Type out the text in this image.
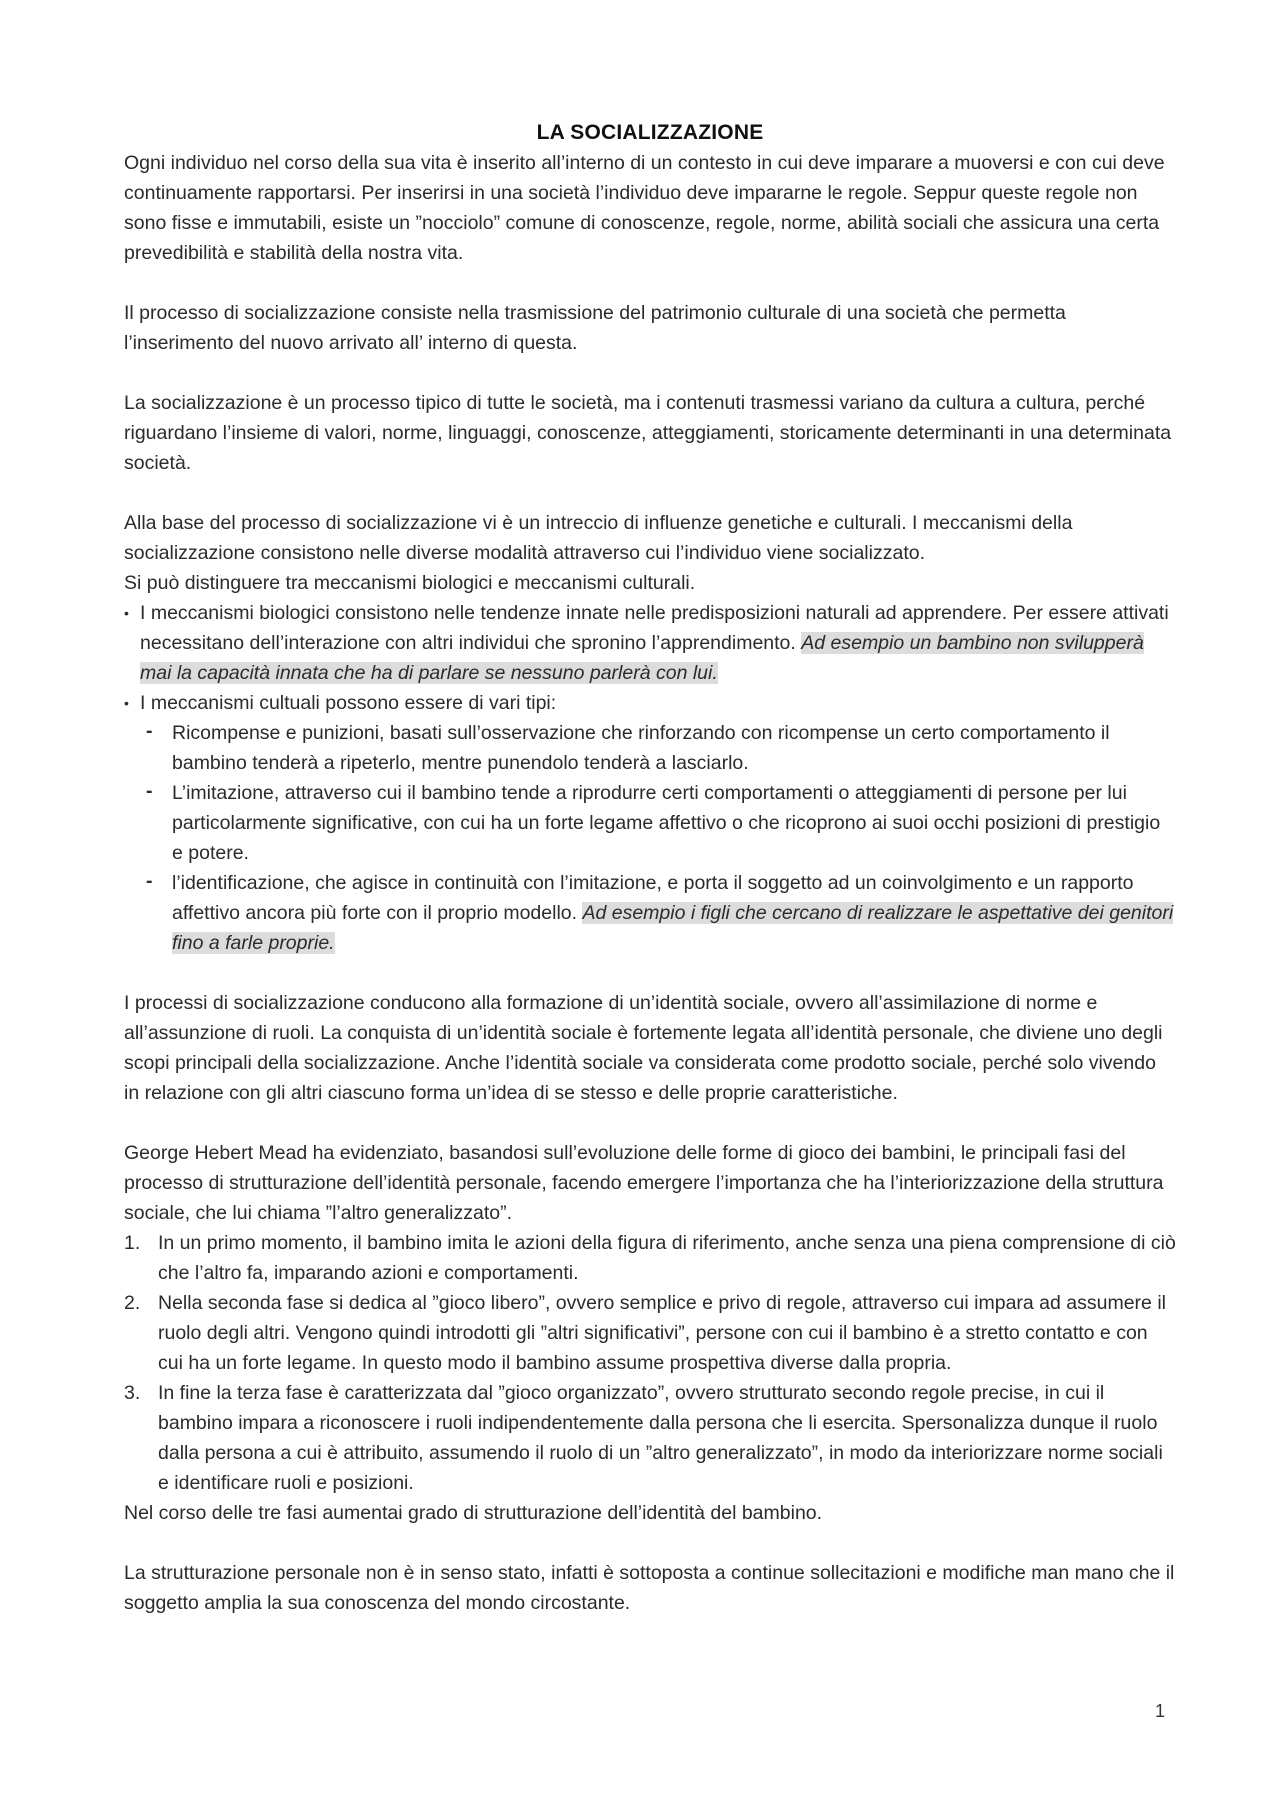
LA SOCIALIZZAZIONE

Ogni individuo nel corso della sua vita è inserito all’interno di un contesto in cui deve imparare a muoversi e con cui deve continuamente rapportarsi. Per inserirsi in una società l’individuo deve impararne le regole. Seppur queste regole non sono fisse e immutabili, esiste un ”nocciolo” comune di conoscenze, regole, norme, abilità sociali che assicura una certa prevedibilità e stabilità della nostra vita.

Il processo di socializzazione consiste nella trasmissione del patrimonio culturale di una società che permetta l’inserimento del nuovo arrivato all’ interno di questa.

La socializzazione è un processo tipico di tutte le società, ma i contenuti trasmessi variano da cultura a cultura, perché riguardano l’insieme di valori, norme, linguaggi, conoscenze, atteggiamenti, storicamente determinanti in una determinata società.

Alla base del processo di socializzazione vi è un intreccio di influenze genetiche e culturali. I meccanismi della socializzazione consistono nelle diverse modalità attraverso cui l’individuo viene socializzato.

Si può distinguere tra meccanismi biologici e meccanismi culturali.

• I meccanismi biologici consistono nelle tendenze innate nelle predisposizioni naturali ad apprendere. Per essere attivati necessitano dell’interazione con altri individui che spronino l’apprendimento. Ad esempio un bambino non svilupperà mai la capacità innata che ha di parlare se nessuno parlerà con lui.
• I meccanismi cultuali possono essere di vari tipi:
- Ricompense e punizioni, basati sull’osservazione che rinforzando con ricompense un certo comportamento il bambino tenderà a ripeterlo, mentre punendolo tenderà a lasciarlo.
- L’imitazione, attraverso cui il bambino tende a riprodurre certi comportamenti o atteggiamenti di persone per lui particolarmente significative, con cui ha un forte legame affettivo o che ricoprono ai suoi occhi posizioni di prestigio e potere.
- l’identificazione, che agisce in continuità con l’imitazione, e porta il soggetto ad un coinvolgimento e un rapporto affettivo ancora più forte con il proprio modello. Ad esempio i figli che cercano di realizzare le aspettative dei genitori fino a farle proprie.

I processi di socializzazione conducono alla formazione di un’identità sociale, ovvero all’assimilazione di norme e all’assunzione di ruoli. La conquista di un’identità sociale è fortemente legata all’identità personale, che diviene uno degli scopi principali della socializzazione. Anche l’identità sociale va considerata come prodotto sociale, perché solo vivendo in relazione con gli altri ciascuno forma un’idea di se stesso e delle proprie caratteristiche.

George Hebert Mead ha evidenziato, basandosi sull’evoluzione delle forme di gioco dei bambini, le principali fasi del processo di strutturazione dell’identità personale, facendo emergere l’importanza che ha l’interiorizzazione della struttura sociale, che lui chiama ”l’altro generalizzato”.

1. In un primo momento, il bambino imita le azioni della figura di riferimento, anche senza una piena comprensione di ciò che l’altro fa, imparando azioni e comportamenti.
2. Nella seconda fase si dedica al ”gioco libero”, ovvero semplice e privo di regole, attraverso cui impara ad assumere il ruolo degli altri. Vengono quindi introdotti gli ”altri significativi”, persone con cui il bambino è a stretto contatto e con cui ha un forte legame. In questo modo il bambino assume prospettiva diverse dalla propria.
3. In fine la terza fase è caratterizzata dal ”gioco organizzato”, ovvero strutturato secondo regole precise, in cui il bambino impara a riconoscere i ruoli indipendentemente dalla persona che li esercita. Spersonalizza dunque il ruolo dalla persona a cui è attribuito, assumendo il ruolo di un ”altro generalizzato”, in modo da interiorizzare norme sociali e identificare ruoli e posizioni.

Nel corso delle tre fasi aumentai grado di strutturazione dell’identità del bambino.

La strutturazione personale non è in senso stato, infatti è sottoposta a continue sollecitazioni e modifiche man mano che il soggetto amplia la sua conoscenza del mondo circostante.

1
